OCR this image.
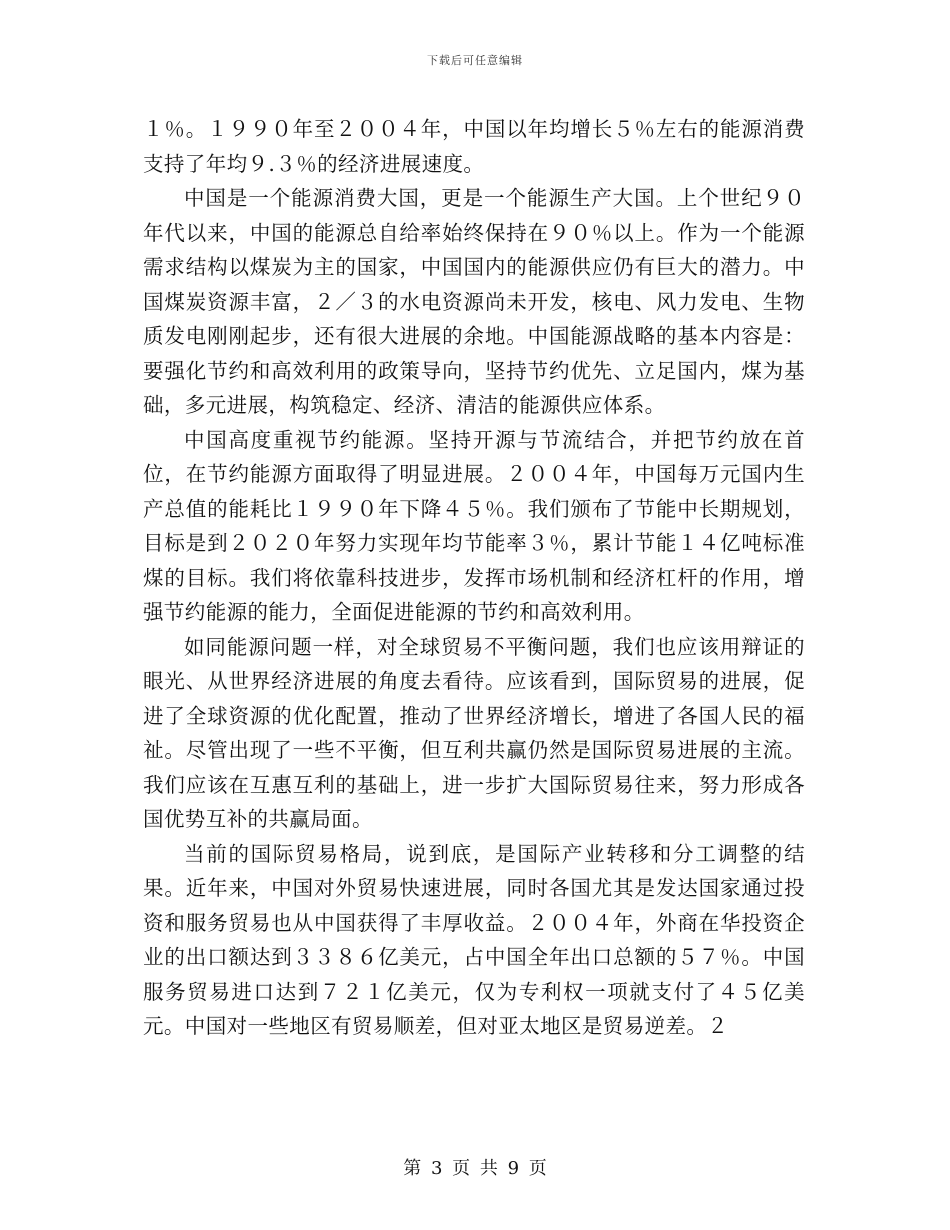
下载后可任意编辑

１％。１９９０年至２００４年，中国以年均增长５％左右的能源消费支持了年均９.３％的经济进展速度。

中国是一个能源消费大国，更是一个能源生产大国。上个世纪９０年代以来，中国的能源总自给率始终保持在９０％以上。作为一个能源需求结构以煤炭为主的国家，中国国内的能源供应仍有巨大的潜力。中国煤炭资源丰富，２／３的水电资源尚未开发，核电、风力发电、生物质发电刚刚起步，还有很大进展的余地。中国能源战略的基本内容是：要强化节约和高效利用的政策导向，坚持节约优先、立足国内，煤为基础，多元进展，构筑稳定、经济、清洁的能源供应体系。

中国高度重视节约能源。坚持开源与节流结合，并把节约放在首位，在节约能源方面取得了明显进展。２００４年，中国每万元国内生产总值的能耗比１９９０年下降４５％。我们颁布了节能中长期规划，目标是到２０２０年努力实现年均节能率３％，累计节能１４亿吨标准煤的目标。我们将依靠科技进步，发挥市场机制和经济杠杆的作用，增强节约能源的能力，全面促进能源的节约和高效利用。

如同能源问题一样，对全球贸易不平衡问题，我们也应该用辩证的眼光、从世界经济进展的角度去看待。应该看到，国际贸易的进展，促进了全球资源的优化配置，推动了世界经济增长，增进了各国人民的福祉。尽管出现了一些不平衡，但互利共赢仍然是国际贸易进展的主流。我们应该在互惠互利的基础上，进一步扩大国际贸易往来，努力形成各国优势互补的共赢局面。

当前的国际贸易格局，说到底，是国际产业转移和分工调整的结果。近年来，中国对外贸易快速进展，同时各国尤其是发达国家通过投资和服务贸易也从中国获得了丰厚收益。２００４年，外商在华投资企业的出口额达到３３８６亿美元，占中国全年出口总额的５７％。中国服务贸易进口达到７２１亿美元，仅为专利权一项就支付了４５亿美元。中国对一些地区有贸易顺差，但对亚太地区是贸易逆差。２

第 3 页 共 9 页
